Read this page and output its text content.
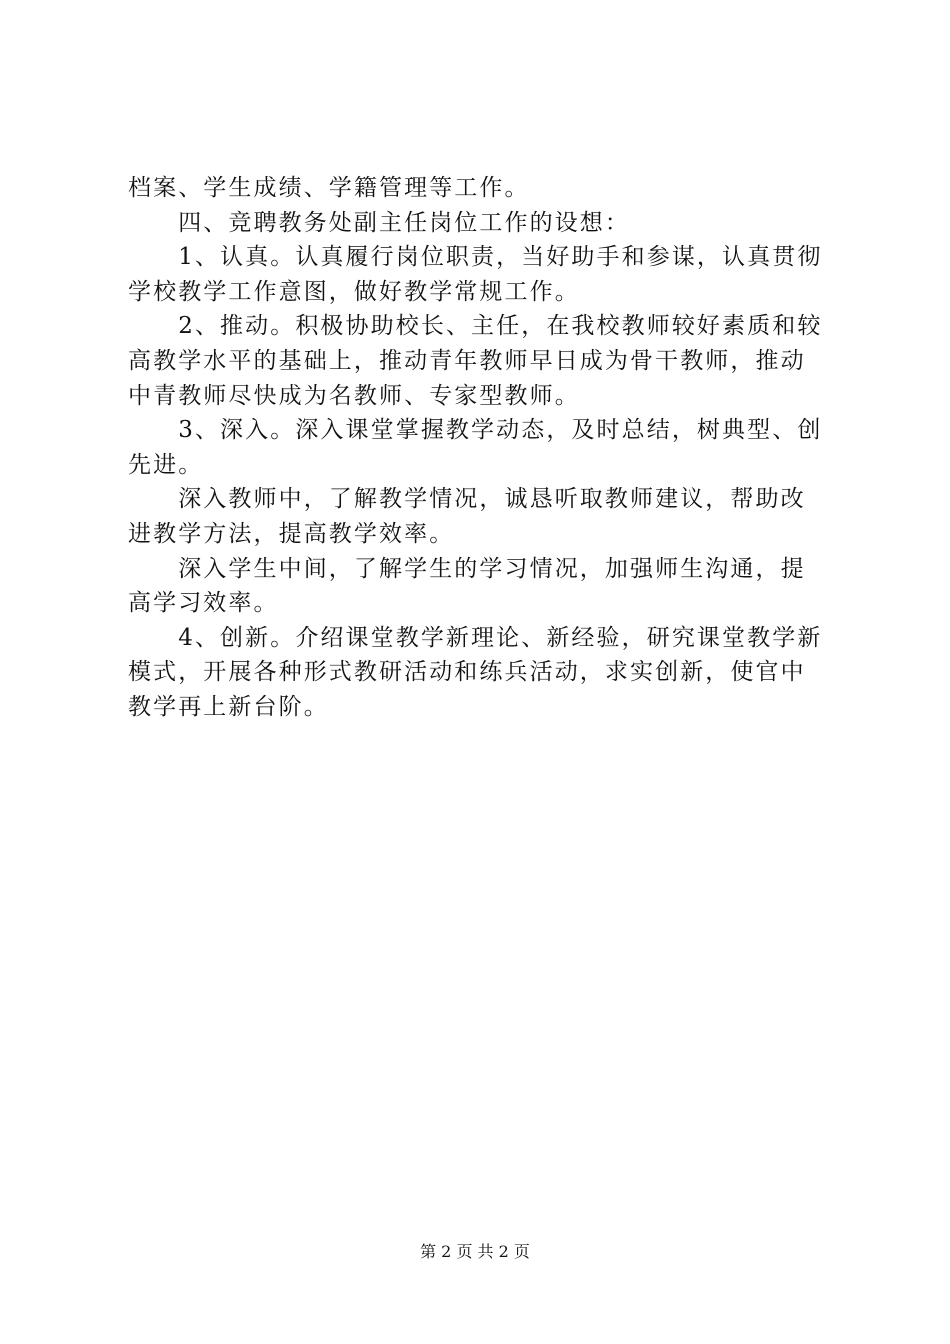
档案、学生成绩、学籍管理等工作。
　　四、竞聘教务处副主任岗位工作的设想：
　　1、认真。认真履行岗位职责，当好助手和参谋，认真贯彻
学校教学工作意图，做好教学常规工作。
　　2、推动。积极协助校长、主任，在我校教师较好素质和较
高教学水平的基础上，推动青年教师早日成为骨干教师，推动
中青教师尽快成为名教师、专家型教师。
　　3、深入。深入课堂掌握教学动态，及时总结，树典型、创
先进。
　　深入教师中，了解教学情况，诚恳听取教师建议，帮助改
进教学方法，提高教学效率。
　　深入学生中间，了解学生的学习情况，加强师生沟通，提
高学习效率。
　　4、创新。介绍课堂教学新理论、新经验，研究课堂教学新
模式，开展各种形式教研活动和练兵活动，求实创新，使官中
教学再上新台阶。
第 2 页 共 2 页
